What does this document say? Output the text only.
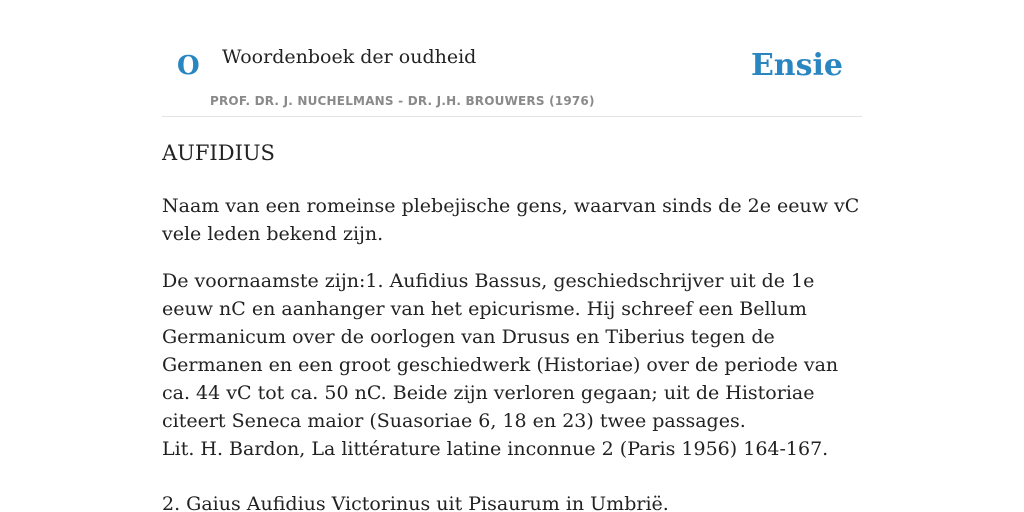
O Woordenboek der oudheid
PROF. DR. J. NUCHELMANS - DR. J.H. BROUWERS (1976)
Ensie
AUFIDIUS

Naam van een romeinse plebejische gens, waarvan sinds de 2e eeuw vC vele leden bekend zijn.

De voornaamste zijn:1. Aufidius Bassus, geschiedschrijver uit de 1e eeuw nC en aanhanger van het epicurisme. Hij schreef een Bellum Germanicum over de oorlogen van Drusus en Tiberius tegen de Germanen en een groot geschiedwerk (Historiae) over de periode van ca. 44 vC tot ca. 50 nC. Beide zijn verloren gegaan; uit de Historiae citeert Seneca maior (Suasoriae 6, 18 en 23) twee passages.

Lit. H. Bardon, La littérature latine inconnue 2 (Paris 1956) 164-167.

2. Gaius Aufidius Victorinus uit Pisaurum in Umbrië.
